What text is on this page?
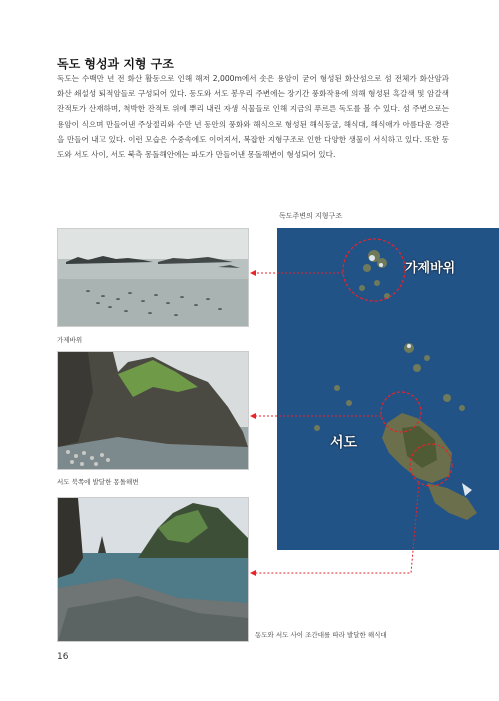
독도 형성과 지형 구조

독도는 수백만 년 전 화산 활동으로 인해 해저 2,000m에서 솟은 용암이 굳어 형성된 화산섬으로 섬 전체가 화산암과 화산 쇄설성 퇴적암들로 구성되어 있다. 동도와 서도 봉우리 주변에는 장기간 풍화작용에 의해 형성된 흑갈색 및 암갈색 잔적토가 산재하며, 척박한 잔적토 위에 뿌리 내린 자생 식물들로 인해 지금의 푸르른 독도를 볼 수 있다. 섬 주변으로는 용암이 식으며 만들어낸 주상절리와 수만 년 동안의 풍화와 해식으로 형성된 해식동굴, 해식대, 해식애가 아름다운 경관을 만들어 내고 있다. 이런 모습은 수중속에도 이어져서, 복잡한 지형구조로 인한 다양한 생물이 서식하고 있다. 또한 동도와 서도 사이, 서도 북측 몽돌해안에는 파도가 만들어낸 몽돌해변이 형성되어 있다.

독도주변의 지형구조
가제바위
서도 북쪽에 발달한 몽돌해변
동도와 서도 사이 조간대를 따라 발달한 해식대
가제바위
서도
16
